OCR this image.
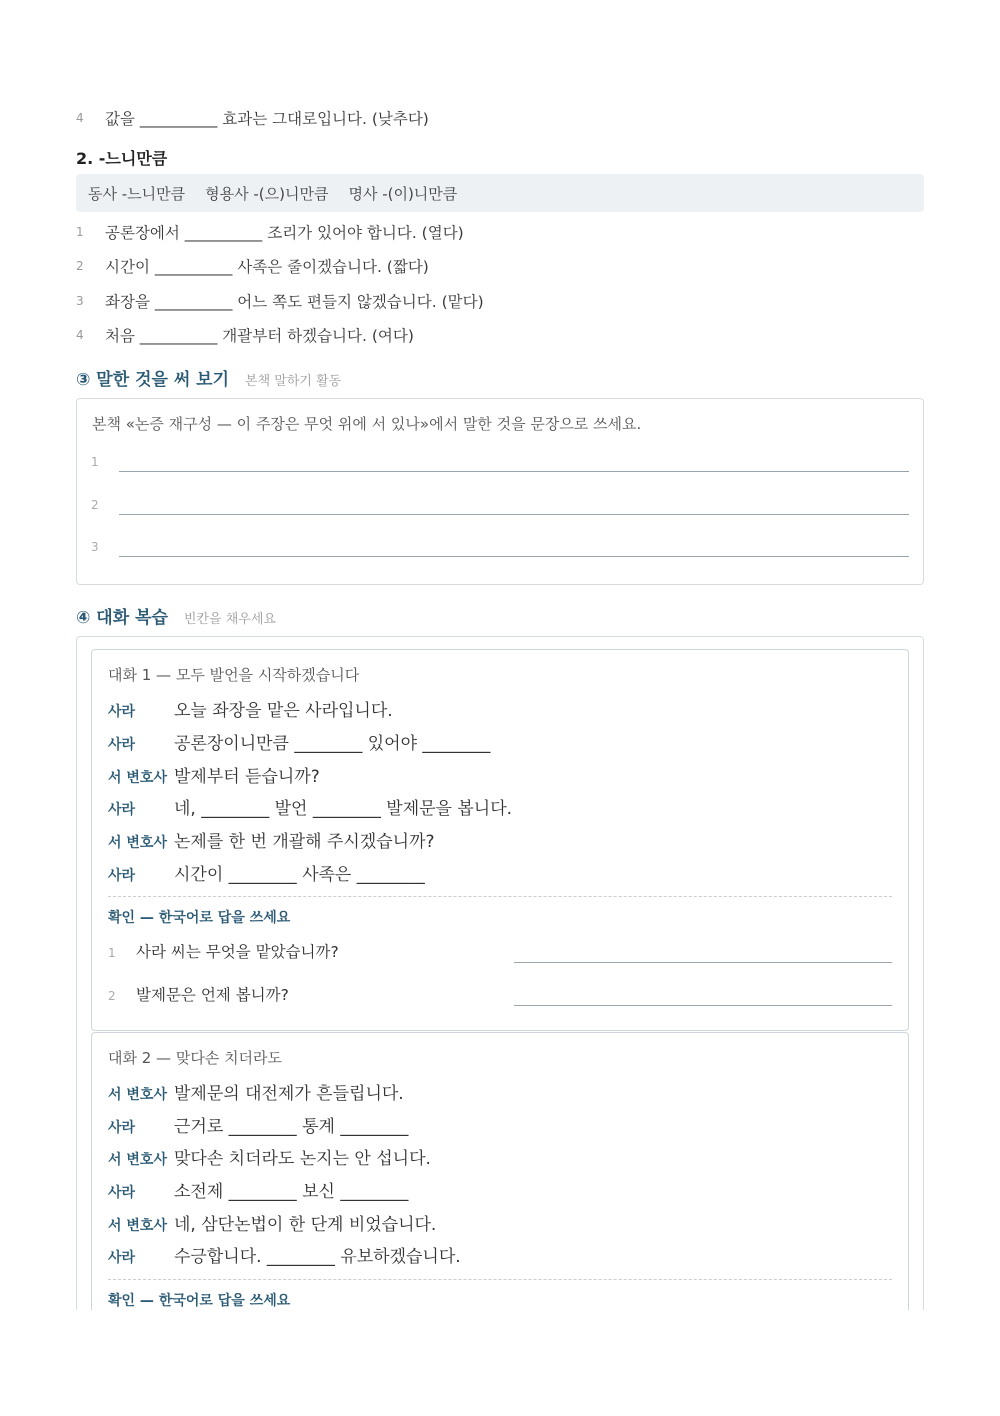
4	값을 __________ 효과는 그대로입니다. (낮추다)
2. -느니만큼
동사 -느니만큼 형용사 -(으)니만큼 명사 -(이)니만큼
1	공론장에서 __________ 조리가 있어야 합니다. (열다)
2	시간이 __________ 사족은 줄이겠습니다. (짧다)
3	좌장을 __________ 어느 쪽도 편들지 않겠습니다. (맡다)
4	처음 __________ 개괄부터 하겠습니다. (여다)
③ 말한 것을 써 보기 본책 말하기 활동
본책 «논증 재구성 — 이 주장은 무엇 위에 서 있나»에서 말한 것을 문장으로 쓰세요.
1
2
3
④ 대화 복습 빈칸을 채우세요
대화 1 — 모두 발언을 시작하겠습니다
사라	오늘 좌장을 맡은 사라입니다.
사라	공론장이니만큼 ________ 있어야 ________
서 변호사 발제부터 듣습니까?
사라	네, ________ 발언 ________ 발제문을 봅니다.
서 변호사 논제를 한 번 개괄해 주시겠습니까?
사라	시간이 ________ 사족은 ________
확인 — 한국어로 답을 쓰세요
1	사라 씨는 무엇을 맡았습니까?
2	발제문은 언제 봅니까?
대화 2 — 맞다손 치더라도
서 변호사 발제문의 대전제가 흔들립니다.
사라	근거로 ________ 통계 ________
서 변호사 맞다손 치더라도 논지는 안 섭니다.
사라	소전제 ________ 보신 ________
서 변호사 네, 삼단논법이 한 단계 비었습니다.
사라	수긍합니다. ________ 유보하겠습니다.
확인 — 한국어로 답을 쓰세요
